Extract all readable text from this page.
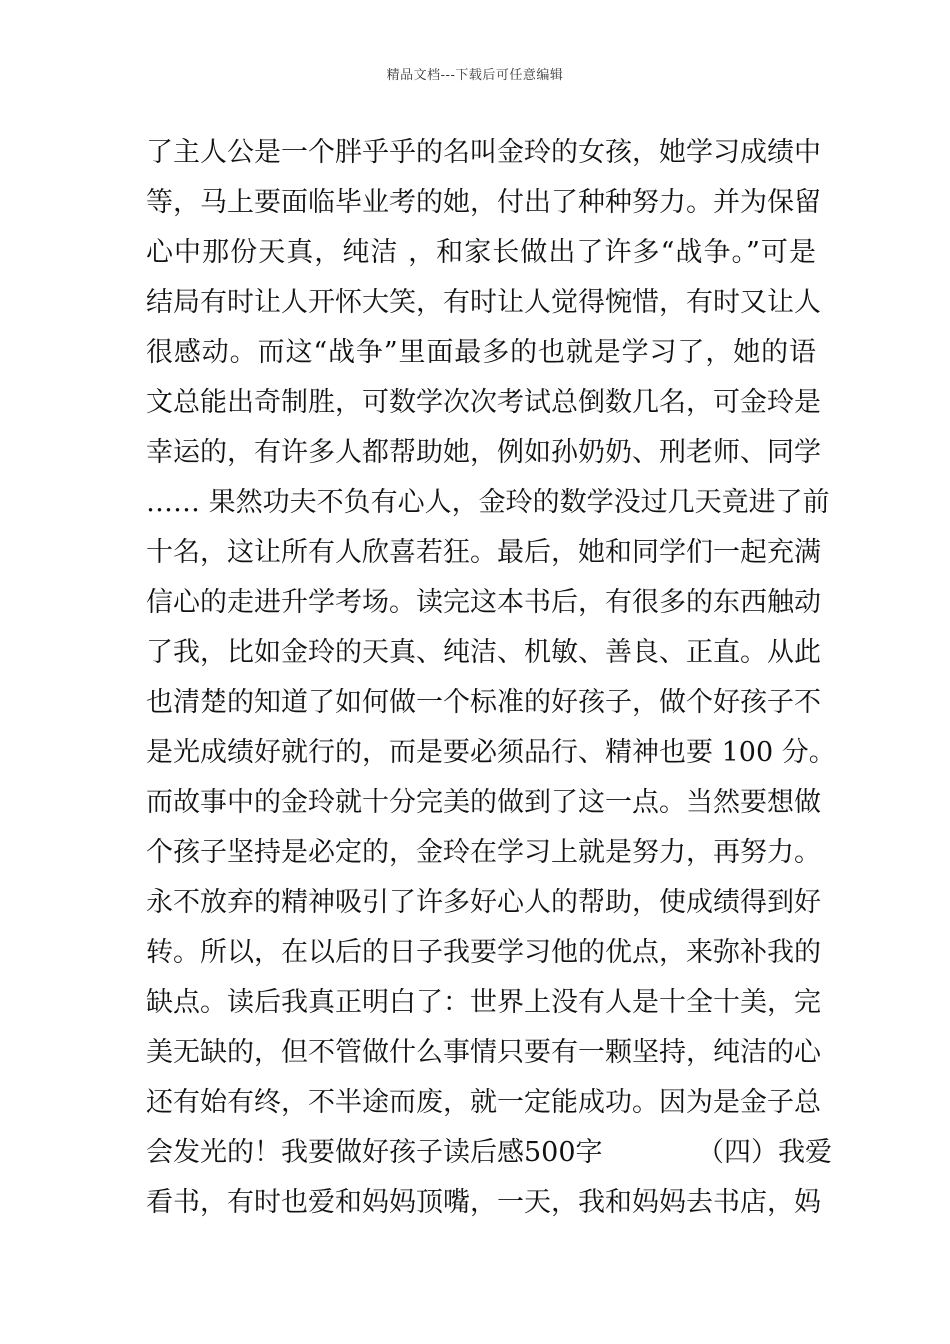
精品文档---下载后可任意编辑
了主人公是一个胖乎乎的名叫金玲的女孩，她学习成绩中
等，马上要面临毕业考的她，付出了种种努力。并为保留
心中那份天真，纯洁 ，和家长做出了许多“战争。”可是
结局有时让人开怀大笑，有时让人觉得惋惜，有时又让人
很感动。而这“战争”里面最多的也就是学习了，她的语
文总能出奇制胜，可数学次次考试总倒数几名，可金玲是
幸运的，有许多人都帮助她，例如孙奶奶、刑老师、同学
…… 果然功夫不负有心人，金玲的数学没过几天竟进了前
十名，这让所有人欣喜若狂。最后，她和同学们一起充满
信心的走进升学考场。读完这本书后，有很多的东西触动
了我，比如金玲的天真、纯洁、机敏、善良、正直。从此
也清楚的知道了如何做一个标准的好孩子，做个好孩子不
是光成绩好就行的，而是要必须品行、精神也要 100 分。
而故事中的金玲就十分完美的做到了这一点。当然要想做
个孩子坚持是必定的，金玲在学习上就是努力，再努力。
永不放弃的精神吸引了许多好心人的帮助，使成绩得到好
转。所以，在以后的日子我要学习他的优点，来弥补我的
缺点。读后我真正明白了：世界上没有人是十全十美，完
美无缺的，但不管做什么事情只要有一颗坚持，纯洁的心
还有始有终，不半途而废，就一定能成功。因为是金子总
会发光的！我要做好孩子读后感500字　　　　（四）我爱
看书，有时也爱和妈妈顶嘴，一天，我和妈妈去书店，妈
